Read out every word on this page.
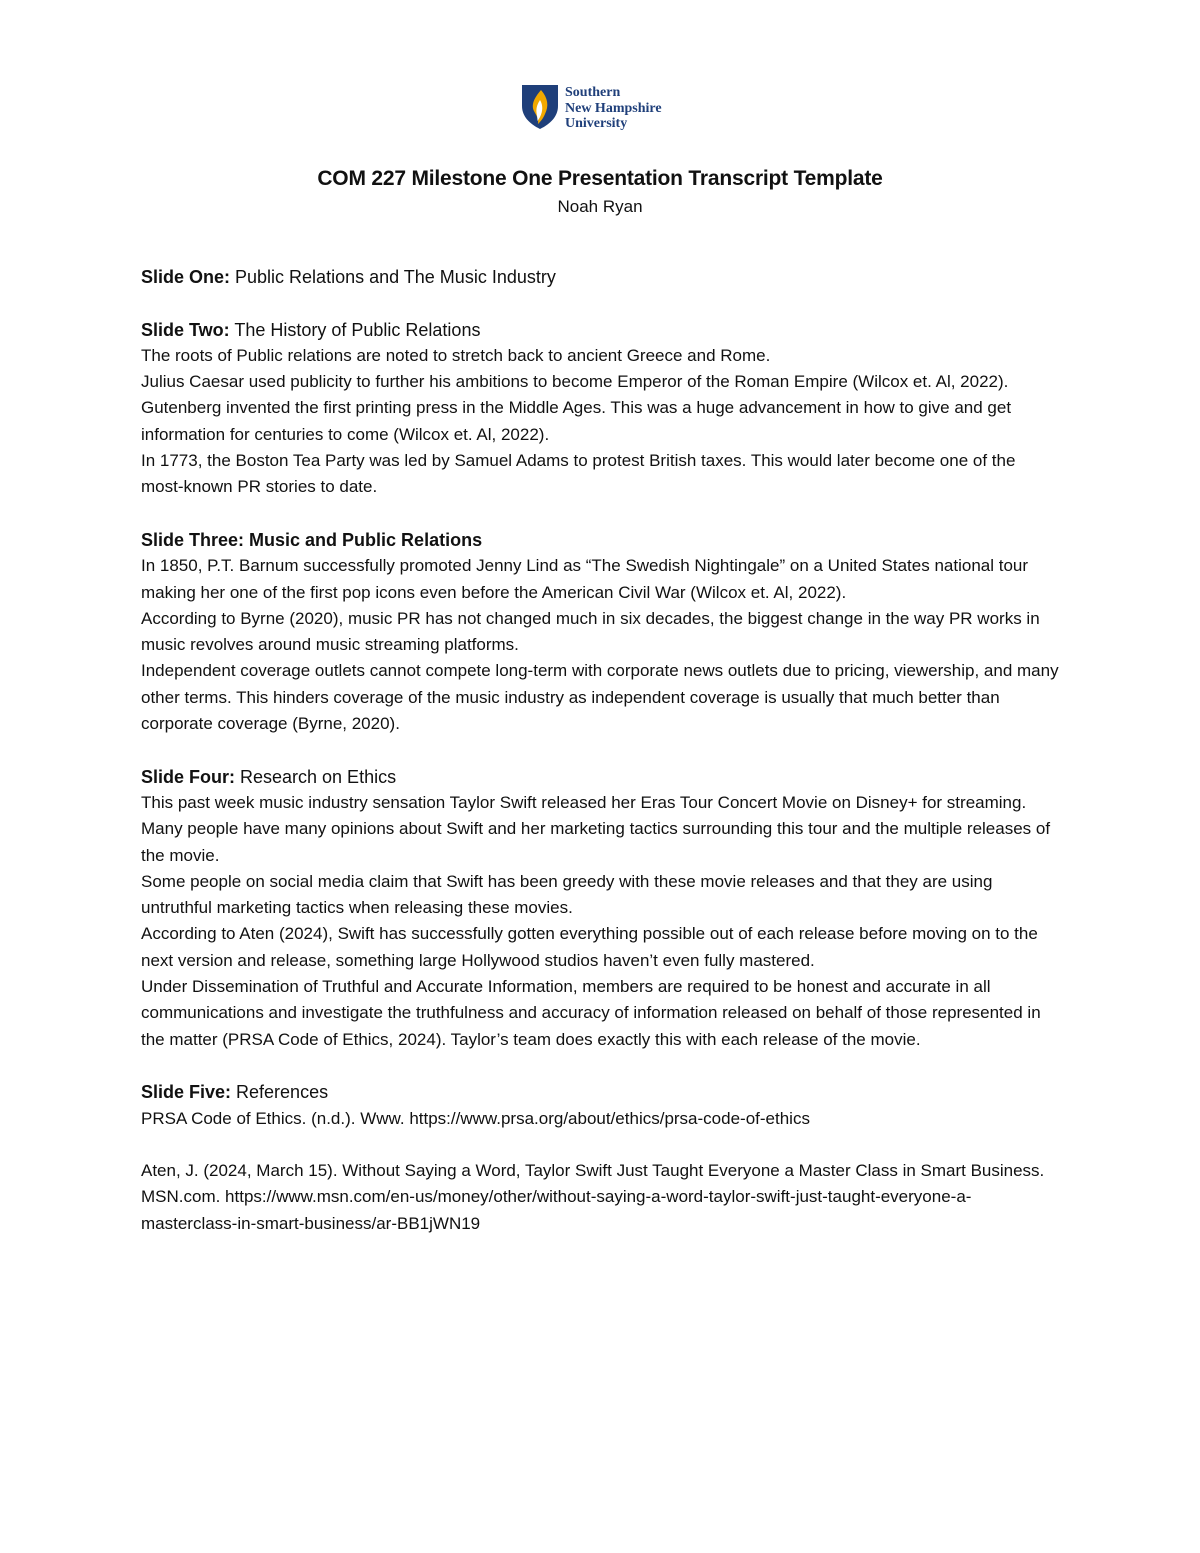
Southern
New Hampshire
University
COM 227 Milestone One Presentation Transcript Template
Noah Ryan
Slide One: Public Relations and The Music Industry
Slide Two: The History of Public Relations

The roots of Public relations are noted to stretch back to ancient Greece and Rome.

Julius Caesar used publicity to further his ambitions to become Emperor of the Roman Empire (Wilcox et. Al, 2022).

Gutenberg invented the first printing press in the Middle Ages. This was a huge advancement in how to give and get information for centuries to come (Wilcox et. Al, 2022).

In 1773, the Boston Tea Party was led by Samuel Adams to protest British taxes. This would later become one of the most-known PR stories to date.

Slide Three: Music and Public Relations

In 1850, P.T. Barnum successfully promoted Jenny Lind as “The Swedish Nightingale” on a United States national tour making her one of the first pop icons even before the American Civil War (Wilcox et. Al, 2022).

According to Byrne (2020), music PR has not changed much in six decades, the biggest change in the way PR works in music revolves around music streaming platforms.

Independent coverage outlets cannot compete long-term with corporate news outlets due to pricing, viewership, and many other terms. This hinders coverage of the music industry as independent coverage is usually that much better than corporate coverage (Byrne, 2020).

Slide Four: Research on Ethics

This past week music industry sensation Taylor Swift released her Eras Tour Concert Movie on Disney+ for streaming. Many people have many opinions about Swift and her marketing tactics surrounding this tour and the multiple releases of the movie.

Some people on social media claim that Swift has been greedy with these movie releases and that they are using untruthful marketing tactics when releasing these movies.

According to Aten (2024), Swift has successfully gotten everything possible out of each release before moving on to the next version and release, something large Hollywood studios haven’t even fully mastered.

Under Dissemination of Truthful and Accurate Information, members are required to be honest and accurate in all communications and investigate the truthfulness and accuracy of information released on behalf of those represented in the matter (PRSA Code of Ethics, 2024). Taylor’s team does exactly this with each release of the movie.

Slide Five: References

PRSA Code of Ethics. (n.d.). Www. https://www.prsa.org/about/ethics/prsa-code-of-ethics

Aten, J. (2024, March 15). Without Saying a Word, Taylor Swift Just Taught Everyone a Master Class in Smart Business. MSN.com. https://www.msn.com/en-us/money/other/without-saying-a-word-taylor-swift-just-taught-everyone-a-masterclass-in-smart-business/ar-BB1jWN19
